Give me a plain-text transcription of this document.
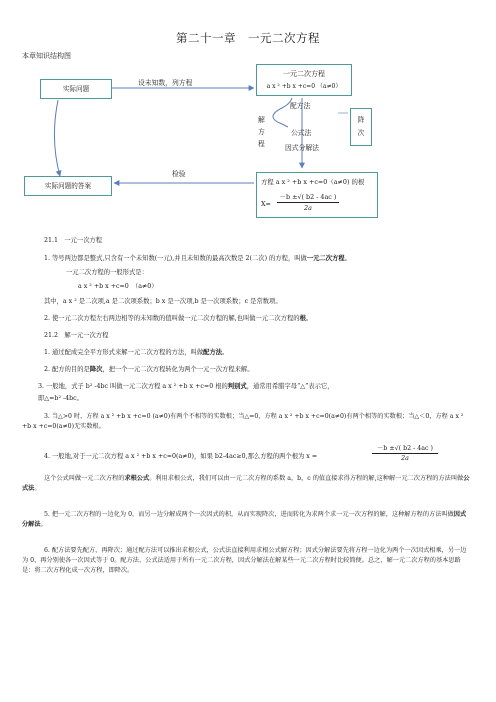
第二十一章　一元二次方程
本章知识结构图
实际问题
设未知数，列方程
一元二次方程
a x ² +b x +c=0 （a≠0）
配方法
公式法
因式分解法
解
方
程
降
次
检验
实际问题的答案	方程 a x ² +b x +c=0（a≠0) 的根
X=
－b ±√( b2 - 4ac )
2a
21.1　一元一次方程
1. 等号两边都是整式,只含有一个未知数(一元),并且未知数的最高次数是 2(二次) 的方程，叫做一元二次方程。
一元二次方程的一般形式是：
a x ² +b x +c=0　（a≠0）
其中，a x ² 是二次项,a 是二次项系数；b x 是一次项,b 是一次项系数；c 是常数项。
2. 使一元二次方程左右两边相等的未知数的值叫做一元二次方程的解,也叫做一元二次方程的根。
21.2　解一元一次方程
1. 通过配成完全平方形式来解一元二次方程的方法，叫做配方法。
2. 配方的目的是降次，把一个一元二次方程转化为两个一元一次方程来解。
3. 一般地，式子 b² -4bc 叫做一元二次方程 a x ² +b x +c=0 根的判别式，通常用希腊字母“△”表示它，
即△=b² -4bc。
3. 当△>0 时，方程 a x ² +b x +c=0 (a≠0)有两个不相等的实数根；当△=0，方程 a x ² +b x +c=0(a≠0)有两个相等的实数根；当△＜0，方程 a x ² +b x +c=0(a≠0)无实数根。
4. 一般地,对于一元二次方程 a x ² +b x +c=0(a≠0)，如果 b2-4ac≥0,那么方程的两个根为 x =
－b ±√( b2 - 4ac )
2a
这个公式叫做一元二次方程的求根公式。利用求根公式，我们可以由一元二次方程的系数 a，b，c 的值直接求得方程的解,这种解一元二次方程的方法叫做公式法。
5. 把一元二次方程的一边化为 0，而另一边分解成两个一次因式的积，从而实现降次，进而转化为求两个求一元一次方程的解，这种解方程的方法叫做因式分解法。
6. 配方法要先配方，再降次；通过配方法可以推出求根公式，公式法直接利用求根公式解方程；因式分解法要先将方程一边化为两个一次因式相乘，另一边为 0，再分别使各一次因式等于 0。配方法、公式法适用于所有一元二次方程，因式分解法在解某些一元二次方程时比较简便。总之，解一元二次方程的基本思路是：将二次方程化成一次方程，即降次。
